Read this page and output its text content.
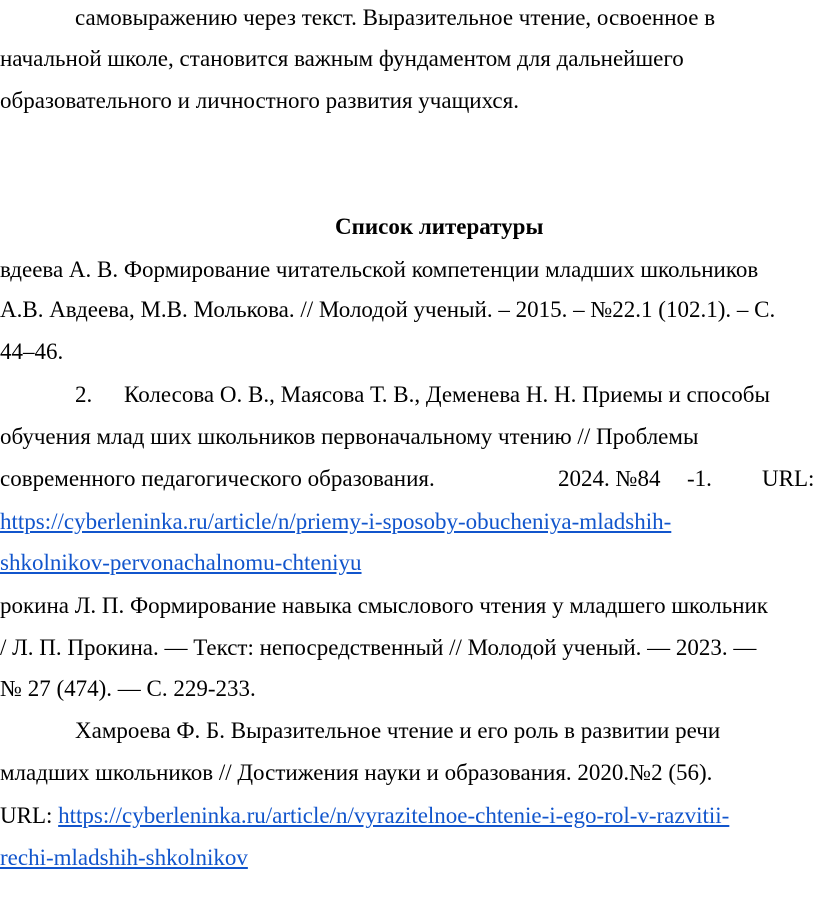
самовыражению через текст. Выразительное чтение, освоенное в
начальной школе, становится важным фундаментом для дальнейшего
образовательного и личностного развития учащихся.
Список литературы
вдеева А. В. Формирование читательской компетенции младших школьников
А.В. Авдеева, М.В. Молькова. // Молодой ученый. – 2015. – №22.1 (102.1). – С.
44–46.
2. Колесова О. В., Маясова Т. В., Деменева Н. Н. Приемы и способы
обучения млад ших школьников первоначальному чтению // Проблемы
современного педагогического образования.	2024. №84 -1. URL:
https://cyberleninka.ru/article/n/priemy-i-sposoby-obucheniya-mladshih-
shkolnikov-pervonachalnomu-chteniyu
рокина Л. П. Формирование навыка смыслового чтения у младшего школьник
/ Л. П. Прокина. — Текст: непосредственный // Молодой ученый. — 2023. —
№ 27 (474). — С. 229-233.
Хамроева Ф. Б. Выразительное чтение и его роль в развитии речи
младших школьников // Достижения науки и образования. 2020.№2 (56).
URL: https://cyberleninka.ru/article/n/vyrazitelnoe-chtenie-i-ego-rol-v-razvitii-
rechi-mladshih-shkolnikov
